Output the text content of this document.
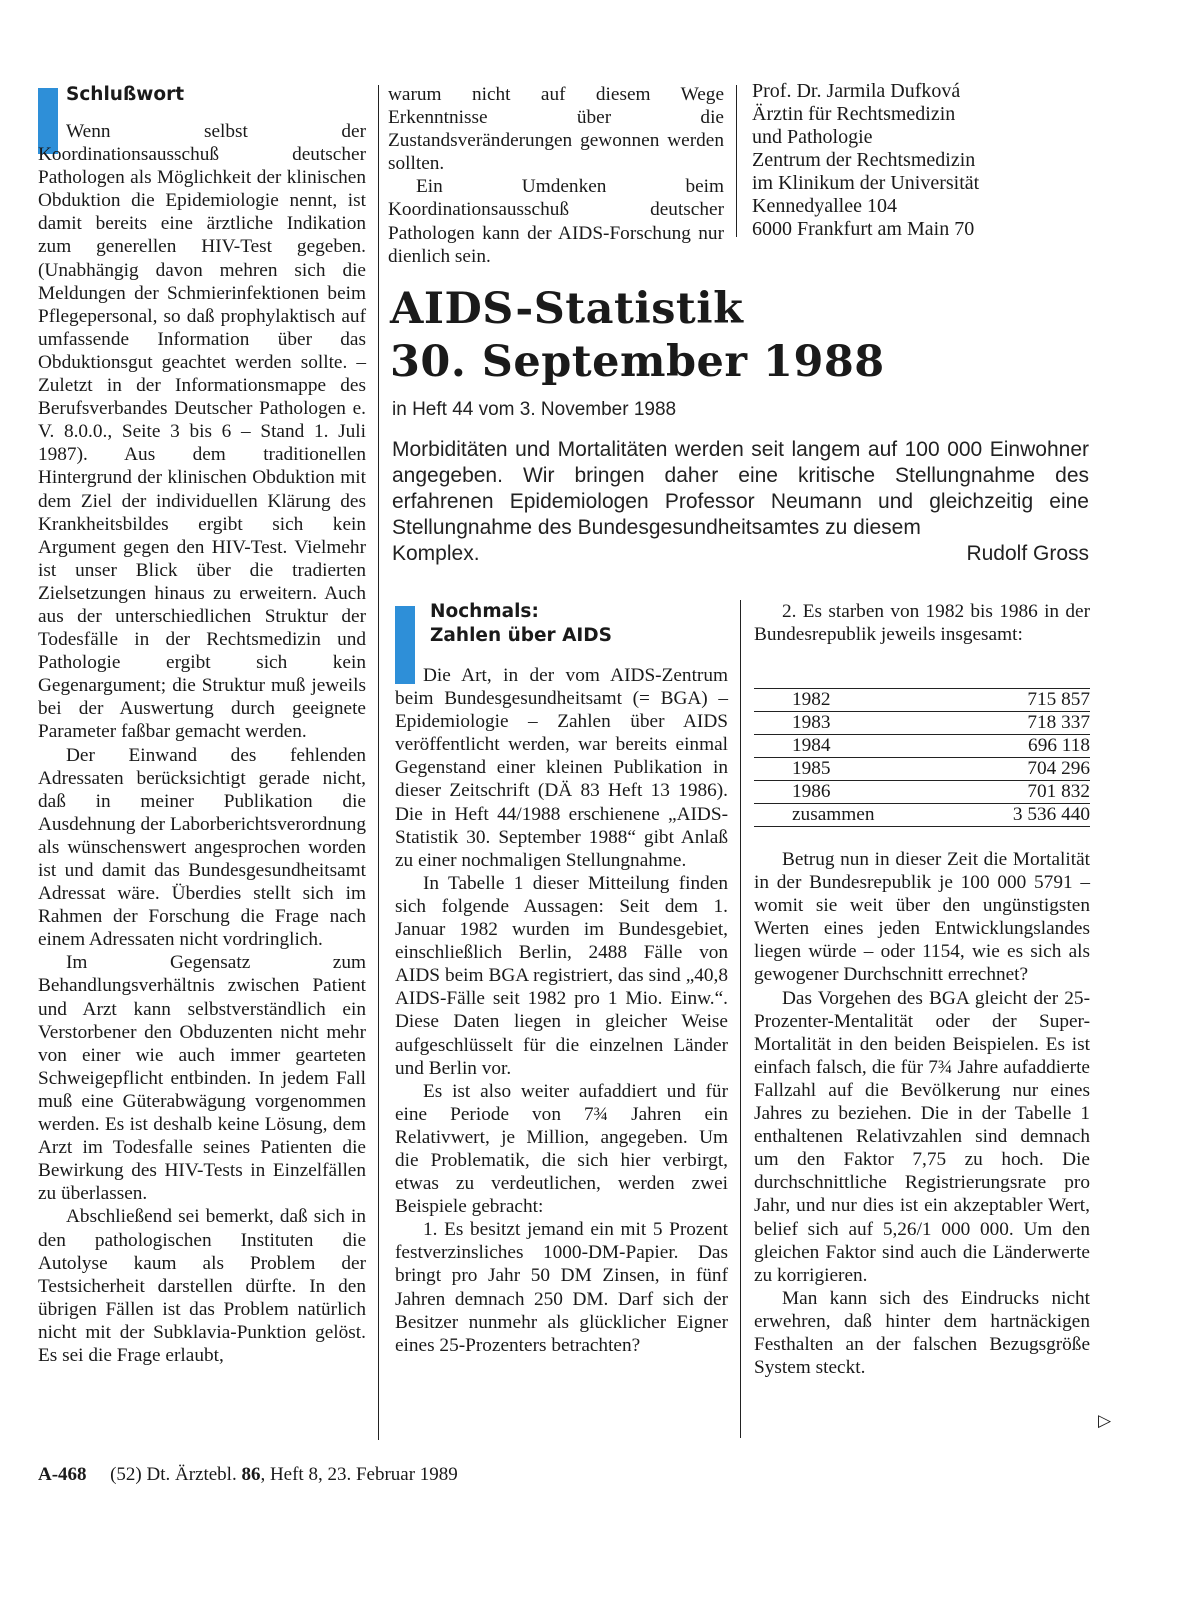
Schlußwort

Wenn selbst der Koordinationsausschuß deutscher Pathologen als Möglichkeit der klinischen Obduktion die Epidemiologie nennt, ist damit bereits eine ärztliche Indikation zum generellen HIV-Test gegeben. (Unabhängig davon mehren sich die Meldungen der Schmierinfektionen beim Pflegepersonal, so daß prophylaktisch auf umfassende Information über das Obduktionsgut geachtet werden sollte. – Zuletzt in der Informationsmappe des Berufsverbandes Deutscher Pathologen e. V. 8.0.0., Seite 3 bis 6 – Stand 1. Juli 1987). Aus dem traditionellen Hintergrund der klinischen Obduktion mit dem Ziel der individuellen Klärung des Krankheitsbildes ergibt sich kein Argument gegen den HIV-Test. Vielmehr ist unser Blick über die tradierten Zielsetzungen hinaus zu erweitern. Auch aus der unterschiedlichen Struktur der Todesfälle in der Rechtsmedizin und Pathologie ergibt sich kein Gegenargument; die Struktur muß jeweils bei der Auswertung durch geeignete Parameter faßbar gemacht werden.

Der Einwand des fehlenden Adressaten berücksichtigt gerade nicht, daß in meiner Publikation die Ausdehnung der Laborberichtsverordnung als wünschenswert angesprochen worden ist und damit das Bundesgesundheitsamt Adressat wäre. Überdies stellt sich im Rahmen der Forschung die Frage nach einem Adressaten nicht vordringlich.

Im Gegensatz zum Behandlungsverhältnis zwischen Patient und Arzt kann selbstverständlich ein Verstorbener den Obduzenten nicht mehr von einer wie auch immer gearteten Schweigepflicht entbinden. In jedem Fall muß eine Güterabwägung vorgenommen werden. Es ist deshalb keine Lösung, dem Arzt im Todesfalle seines Patienten die Bewirkung des HIV-Tests in Einzelfällen zu überlassen.

Abschließend sei bemerkt, daß sich in den pathologischen Instituten die Autolyse kaum als Problem der Testsicherheit darstellen dürfte. In den übrigen Fällen ist das Problem natürlich nicht mit der Subklavia-Punktion gelöst. Es sei die Frage erlaubt,

warum nicht auf diesem Wege Erkenntnisse über die Zustandsveränderungen gewonnen werden sollten.

Ein Umdenken beim Koordinationsausschuß deutscher Pathologen kann der AIDS-Forschung nur dienlich sein.

Prof. Dr. Jarmila Dufková
Ärztin für Rechtsmedizin
und Pathologie
Zentrum der Rechtsmedizin
im Klinikum der Universität
Kennedyallee 104
6000 Frankfurt am Main 70
AIDS-Statistik
30. September 1988
in Heft 44 vom 3. November 1988
Morbiditäten und Mortalitäten werden seit langem auf 100 000 Einwohner angegeben. Wir bringen daher eine kritische Stellungnahme des erfahrenen Epidemiologen Professor Neumann und gleichzeitig eine Stellungnahme des Bundesgesundheitsamtes zu diesem
Komplex.	Rudolf Gross
Nochmals:
Zahlen über AIDS

Die Art, in der vom AIDS-Zentrum beim Bundesgesundheitsamt (= BGA) – Epidemiologie – Zahlen über AIDS veröffentlicht werden, war bereits einmal Gegenstand einer kleinen Publikation in dieser Zeitschrift (DÄ 83 Heft 13 1986). Die in Heft 44/1988 erschienene „AIDS-Statistik 30. September 1988“ gibt Anlaß zu einer nochmaligen Stellungnahme.

In Tabelle 1 dieser Mitteilung finden sich folgende Aussagen: Seit dem 1. Januar 1982 wurden im Bundesgebiet, einschließlich Berlin, 2488 Fälle von AIDS beim BGA registriert, das sind „40,8 AIDS-Fälle seit 1982 pro 1 Mio. Einw.“. Diese Daten liegen in gleicher Weise aufgeschlüsselt für die einzelnen Länder und Berlin vor.

Es ist also weiter aufaddiert und für eine Periode von 7¾ Jahren ein Relativwert, je Million, angegeben. Um die Problematik, die sich hier verbirgt, etwas zu verdeutlichen, werden zwei Beispiele gebracht:

1. Es besitzt jemand ein mit 5 Prozent festverzinsliches 1000-DM-Papier. Das bringt pro Jahr 50 DM Zinsen, in fünf Jahren demnach 250 DM. Darf sich der Besitzer nunmehr als glücklicher Eigner eines 25-Prozenters betrachten?

2. Es starben von 1982 bis 1986 in der Bundesrepublik jeweils insgesamt:

1982	715 857
1983	718 337
1984	696 118
1985	704 296
1986	701 832
zusammen	3 536 440

Betrug nun in dieser Zeit die Mortalität in der Bundesrepublik je 100 000 5791 – womit sie weit über den ungünstigsten Werten eines jeden Entwicklungslandes liegen würde – oder 1154, wie es sich als gewogener Durchschnitt errechnet?

Das Vorgehen des BGA gleicht der 25-Prozenter-Mentalität oder der Super-Mortalität in den beiden Beispielen. Es ist einfach falsch, die für 7¾ Jahre aufaddierte Fallzahl auf die Bevölkerung nur eines Jahres zu beziehen. Die in der Tabelle 1 enthaltenen Relativzahlen sind demnach um den Faktor 7,75 zu hoch. Die durchschnittliche Registrierungsrate pro Jahr, und nur dies ist ein akzeptabler Wert, belief sich auf 5,26/1 000 000. Um den gleichen Faktor sind auch die Länderwerte zu korrigieren.

Man kann sich des Eindrucks nicht erwehren, daß hinter dem hartnäckigen Festhalten an der falschen Bezugsgröße System steckt.

▷
A-468 (52) Dt. Ärztebl. 86, Heft 8, 23. Februar 1989
